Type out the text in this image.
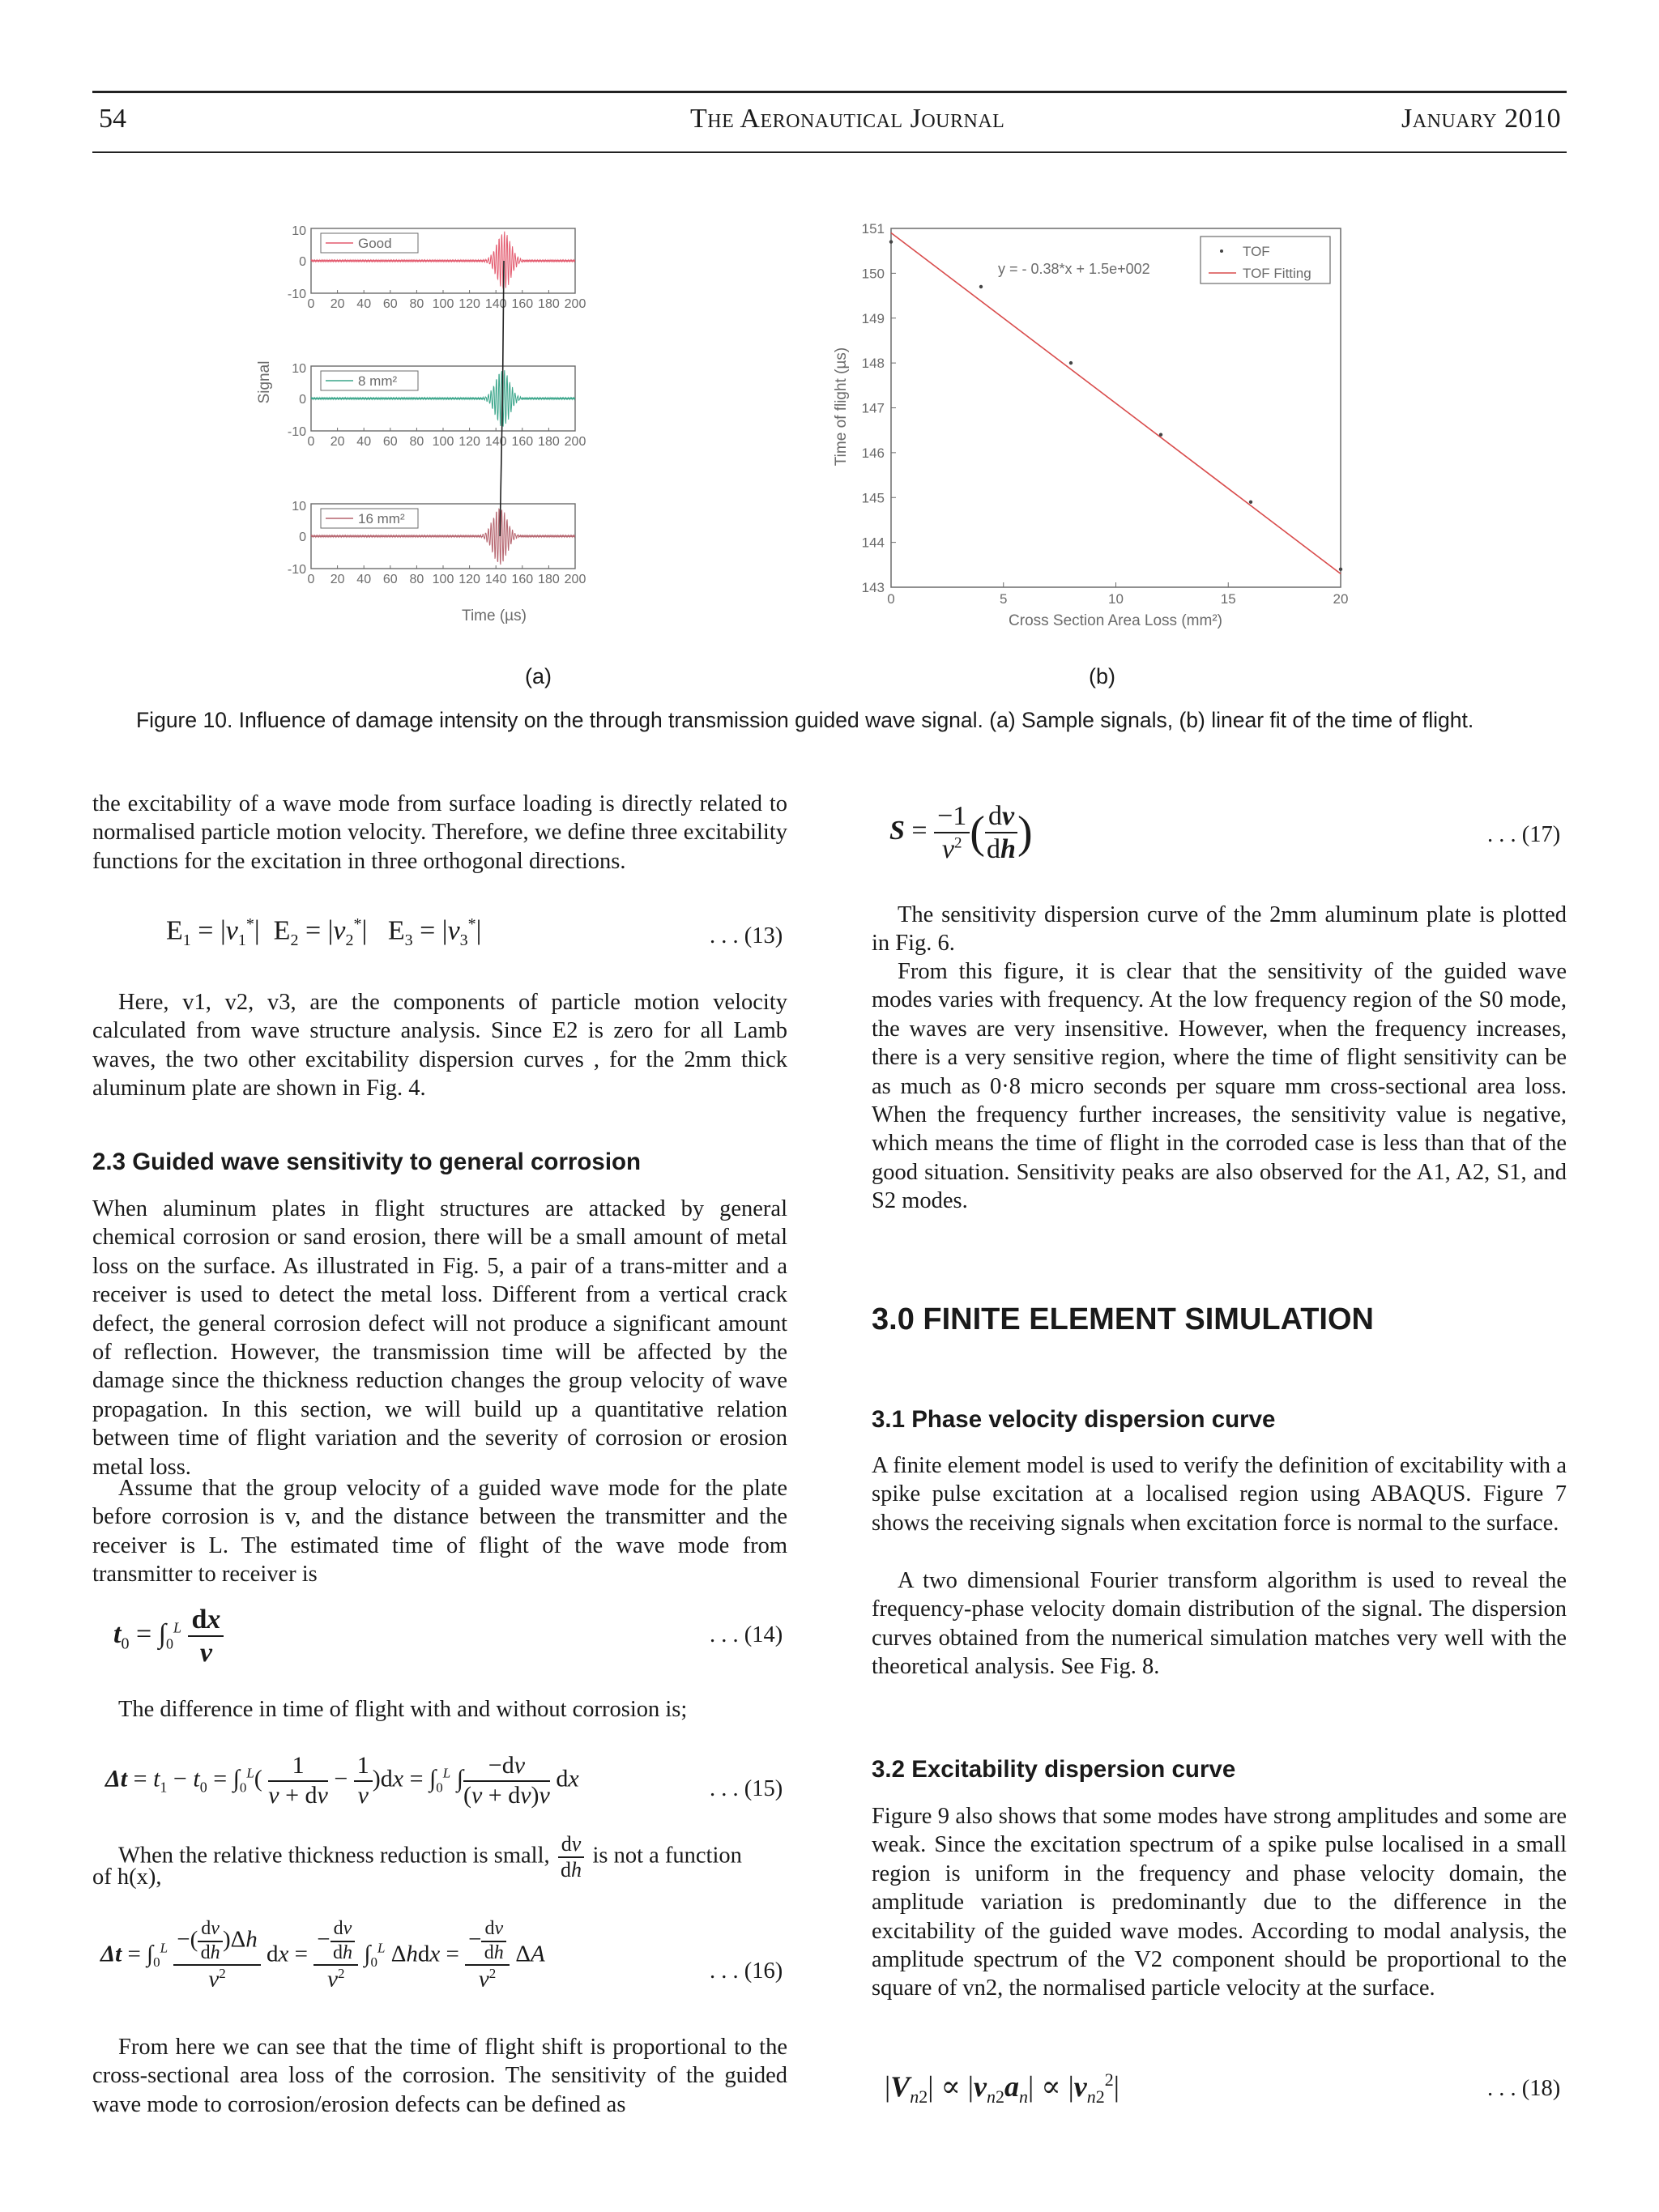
54	The Aeronautical Journal	January 2010
Good
10
0
-10
0 20 40 60 80 100 120 140 160 180 200
8 mm²
10
0
-10
0 20 40 60 80 100 120 140 160 180 200
16 mm²
10
0
-10
0 20 40 60 80 100 120 140 160 180 200
Signal
Time (µs)
151
150
149
148
147
146
145
144
143
0	5	10	15	20
y = - 0.38*x + 1.5e+002
TOF
TOF Fitting
Time of flight (µs)
Cross Section Area Loss (mm²)
(a)	(b)
Figure 10. Influence of damage intensity on the through transmission guided wave signal. (a) Sample signals, (b) linear fit of the time of flight.

the excitability of a wave mode from surface loading is directly related to normalised particle motion velocity. Therefore, we define three excitability functions for the excitation in three orthogonal directions.

$E_1 = |v_1^*|$  $E_2 = |v_2^*|$   $E_3 = |v_3^*|$	. . . (13)

Here, v1, v2, v3, are the components of particle motion velocity calculated from wave structure analysis. Since E2 is zero for all Lamb waves, the two other excitability dispersion curves , for the 2mm thick aluminum plate are shown in Fig. 4.

2.3 Guided wave sensitivity to general corrosion

When aluminum plates in flight structures are attacked by general chemical corrosion or sand erosion, there will be a small amount of metal loss on the surface. As illustrated in Fig. 5, a pair of a trans-mitter and a receiver is used to detect the metal loss. Different from a vertical crack defect, the general corrosion defect will not produce a significant amount of reflection. However, the transmission time will be affected by the damage since the thickness reduction changes the group velocity of wave propagation. In this section, we will build up a quantitative relation between time of flight variation and the severity of corrosion or erosion metal loss.

Assume that the group velocity of a guided wave mode for the plate before corrosion is v, and the distance between the transmitter and the receiver is L. The estimated time of flight of the wave mode from transmitter to receiver is

$t_0 = \int_0^L \frac{dx}{v}$	. . . (14)

The difference in time of flight with and without corrosion is;

$\Delta t = t_1 - t_0 = \int_0^L( \frac{1}{v + dv} - \frac{1}{v} )dx = \int_0^L$ ∫ $\frac{-dv}{(v + dv)v}$ dx	. . . (15)
When the relative thickness reduction is small, $\frac{dv}{dh}$ is not a function
of h(x),
$\Delta t = \int_0^L \frac{-( \frac{dv}{dh} )\Delta h}{v^2}$ dx = $\frac{- \frac{dv}{dh}}{v^2} \int_0^L$ $\Delta hdx = \frac{- \frac{dv}{dh}}{v^2}$ ΔA
. . . (16)

From here we can see that the time of flight shift is proportional to the cross-sectional area loss of the corrosion. The sensitivity of the guided wave mode to corrosion/erosion defects can be defined as

$S = \frac{-1}{v^2}$ ( $\frac{dv}{dh}$ )	. . . (17)

The sensitivity dispersion curve of the 2mm aluminum plate is plotted in Fig. 6.

From this figure, it is clear that the sensitivity of the guided wave modes varies with frequency. At the low frequency region of the S0 mode, the waves are very insensitive. However, when the frequency increases, there is a very sensitive region, where the time of flight sensitivity can be as much as 0·8 micro seconds per square mm cross-sectional area loss. When the frequency further increases, the sensitivity value is negative, which means the time of flight in the corroded case is less than that of the good situation. Sensitivity peaks are also observed for the A1, A2, S1, and S2 modes.

3.0 FINITE ELEMENT SIMULATION
3.1 Phase velocity dispersion curve

A finite element model is used to verify the definition of excitability with a spike pulse excitation at a localised region using ABAQUS. Figure 7 shows the receiving signals when excitation force is normal to the surface.

A two dimensional Fourier transform algorithm is used to reveal the frequency-phase velocity domain distribution of the signal. The dispersion curves obtained from the numerical simulation matches very well with the theoretical analysis. See Fig. 8.

3.2 Excitability dispersion curve

Figure 9 also shows that some modes have strong amplitudes and some are weak. Since the excitation spectrum of a spike pulse localised in a small region is uniform in the frequency and phase velocity domain, the amplitude variation is predominantly due to the difference in the excitability of the guided wave modes. According to modal analysis, the amplitude spectrum of the V2 component should be proportional to the square of vn2, the normalised particle velocity at the surface.

$|V_{n2}| \propto |v_{n2}a_n| \propto |v_{n2}^2|$	. . . (18)
